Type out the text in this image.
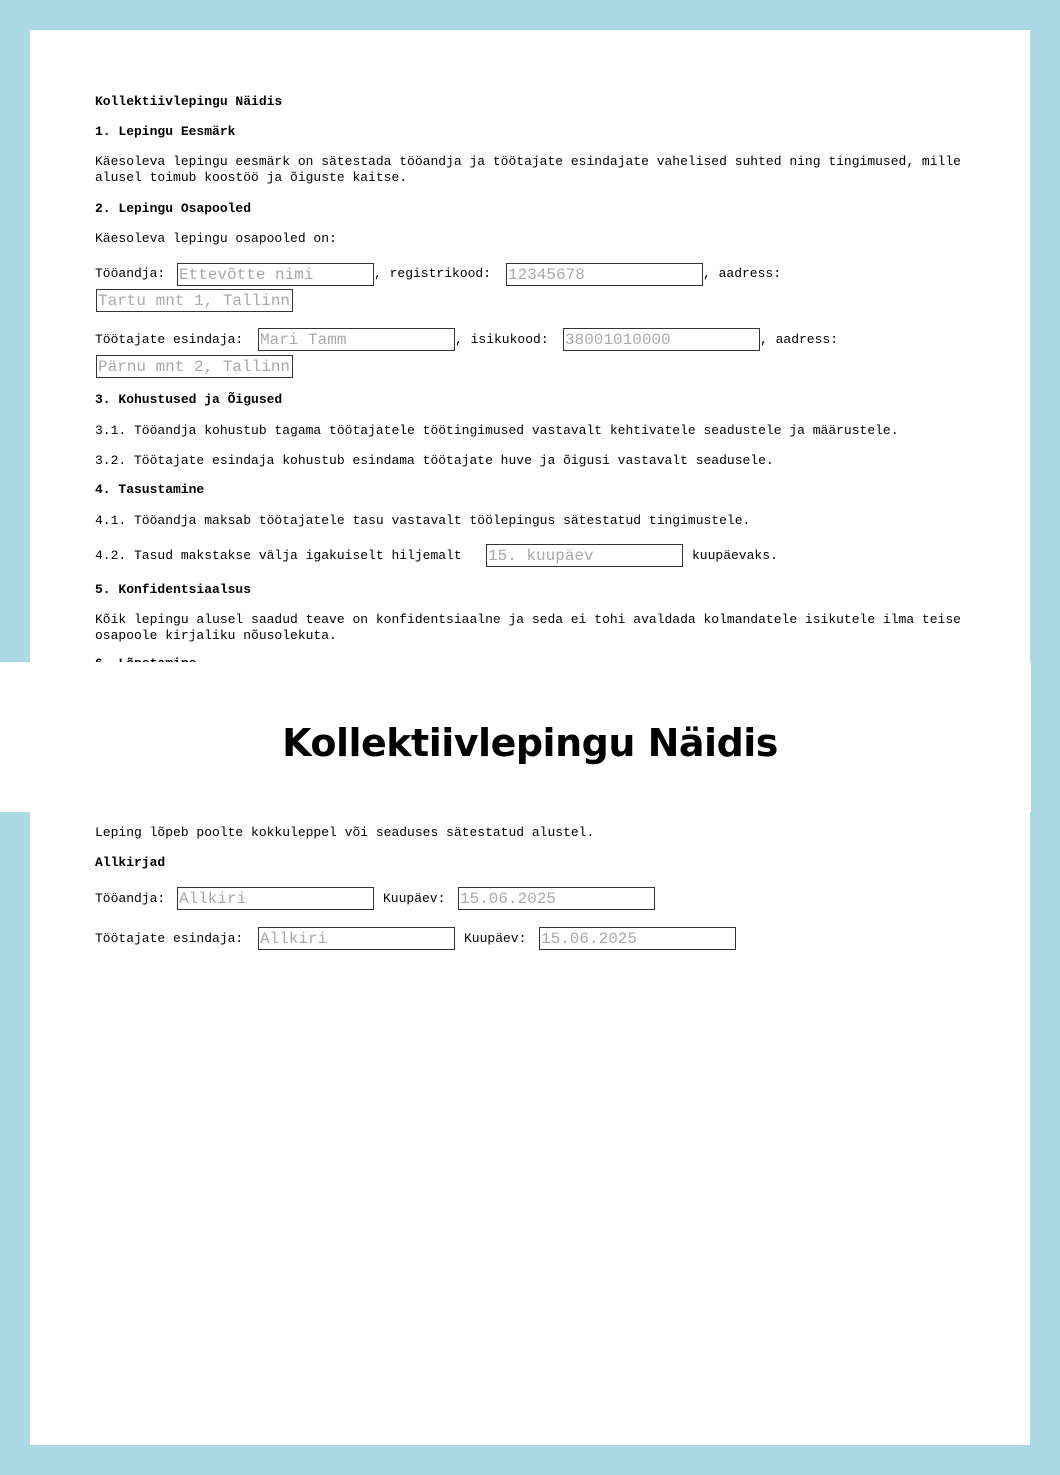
Kollektiivlepingu Näidis
1. Lepingu Eesmärk
Käesoleva lepingu eesmärk on sätestada tööandja ja töötajate esindajate vahelised suhted ning tingimused, mille alusel toimub koostöö ja õiguste kaitse.
2. Lepingu Osapooled
Käesoleva lepingu osapooled on:
Tööandja:
Ettevõtte nimi	, registrikood:
12345678	, aadress:
Tartu mnt 1, Tallinn
Töötajate esindaja:
Mari Tamm	, isikukood:
38001010000	, aadress:
Pärnu mnt 2, Tallinn
3. Kohustused ja Õigused
3.1. Tööandja kohustub tagama töötajatele töötingimused vastavalt kehtivatele seadustele ja määrustele.
3.2. Töötajate esindaja kohustub esindama töötajate huve ja õigusi vastavalt seadusele.
4. Tasustamine
4.1. Tööandja maksab töötajatele tasu vastavalt töölepingus sätestatud tingimustele.
4.2. Tasud makstakse välja igakuiselt hiljemalt
15. kuupäev	kuupäevaks.
5. Konfidentsiaalsus
Kõik lepingu alusel saadud teave on konfidentsiaalne ja seda ei tohi avaldada kolmandatele isikutele ilma teise osapoole kirjaliku nõusolekuta.
Kollektiivlepingu Näidis
Leping lõpeb poolte kokkuleppel või seaduses sätestatud alustel.
Allkirjad
Tööandja:
Allkiri	Kuupäev:
15.06.2025
Töötajate esindaja:
Allkiri	Kuupäev:
15.06.2025
